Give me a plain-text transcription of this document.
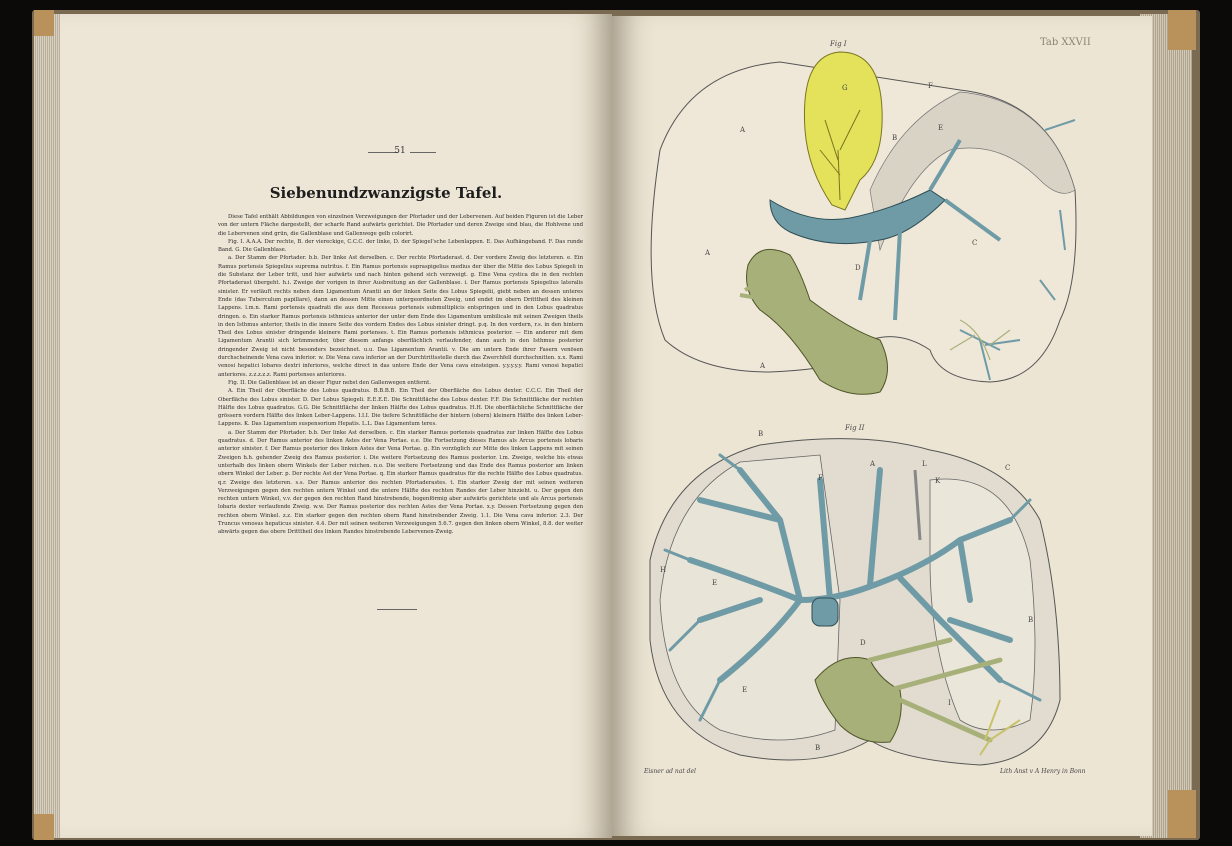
51
Siebenundzwanzigste Tafel.

Diese Tafel enthält Abbildungen von einzelnen Verzweigungen der Pfortader und der Lebervenen. Auf beiden Figuren ist die Leber von der untern Fläche dargestellt, der scharfe Rand aufwärts gerichtet. Die Pfortader und deren Zweige sind blau, die Hohlvene und die Lebervenen sind grün, die Gallenblase und Gallenwege gelb colorirt.

Fig. I. A.A.A. Der rechte, B. der viereckige, C.C.C. der linke, D. der Spiegel'sche Lebenlappen. E. Das Aufhängeband. F. Das runde Band. G. Die Gallenblase.

a. Der Stamm der Pfortader. b.b. Der linke Ast derselben. c. Der rechte Pfortaderast. d. Der vordere Zweig des letzteren. e. Ein Ramus portensis Spiegelius suprema nutritus. f. Ein Ramus portensis supraspigelius medius der über die Mitte des Lobus Spiegeli in die Substanz der Leber tritt, und hier aufwärts und nach hinten gehend sich verzweigt. g. Eine Vena cystica die in den rechten Pfortaderast übergeht. h.i. Zweige der vorigen in ihrer Ausbreitung an der Gallenblase. i. Der Ramus portensis Spiegelius lateralis sinister. Er verläuft rechts neben dem Ligamentum Arantii an der linken Seite des Lobus Spiegelii, giebt neben an dessen unteres Ende (das Tuberculum papillare), dann an dessen Mitte einen untergeordneten Zweig, und endet im obern Dritttheil des kleinen Lappens. l.m.n. Rami portensis quadrati die aus dem Recessus portensis submultiplicis entspringen und in den Lobus quadratus dringen. o. Ein starker Ramus portensis isthmicus anterior der unter dem Ende des Ligamentum umbilicale mit seinen Zweigen theils in den Isthmus anterior, theils in die innere Seite des vordern Endes des Lobus sinister dringt. p.q. In den vordern, r.s. in den hintern Theil des Lobus sinister dringende kleinere Rami portenses. t. Ein Ramus portensis isthmicus posterior. — Ein anderer mit dem Ligamentum Arantii sich krümmender, über diesem anfangs oberflächlich verlaufender, dann auch in den Isthmus posterior dringender Zweig ist nicht besonders bezeichnet. u.u. Das Ligamentum Arantii. v. Die am untern Ende ihrer Fasern venösen durchscheinende Vena cava inferior. w. Die Vena cava inferior an der Durchtrittsstelle durch das Zwerchfell durchschnitten. x.x. Rami venosi hepatici lobares dextri inferiores, welche direct in das untere Ende der Vena cava einsteigen. y.y.y.y.y. Rami venosi hepatici anteriores. z.z.z.z.z. Rami portenses anteriores.

Fig. II. Die Gallenblase ist an dieser Figur nebst den Gallenwegen entfernt.

A. Ein Theil der Oberfläche des Lobus quadratus. B.B.B.B. Ein Theil der Oberfläche des Lobus dexter. C.C.C. Ein Theil der Oberfläche des Lobus sinister. D. Der Lobus Spiegeli. E.E.E.E. Die Schnittfläche des Lobus dexter. F.F. Die Schnittfläche der rechten Hälfte des Lobus quadratus. G.G. Die Schnittfläche der linken Hälfte des Lobus quadratus. H.H. Die oberflächliche Schnittfläche der grössern vordern Hälfte des linken Leber-Lappens. I.I.I. Die tiefere Schnittfläche der hintern (obern) kleinern Hälfte des linken Leber-Lappens. K. Das Ligamentum suspensorium Hepatis. L.L. Das Ligamentum teres.

a. Der Stamm der Pfortader. b.b. Der linke Ast derselben. c. Ein starker Ramus portensis quadratus zur linken Hälfte des Lobus quadratus. d. Der Ramus anterior des linken Astes der Vena Portae. e.e. Die Fortsetzung dieses Ramus als Arcus portensis lobaris anterior sinister. f. Der Ramus posterior des linken Astes der Vena Portae. g. Ein vorzüglich zur Mitte des linken Lappens mit seinen Zweigen h.h. gehender Zweig des Ramus posterior. i. Die weitere Fortsetzung des Ramus posterior. l.m. Zweige, welche bis etwas unterhalb des linken obern Winkels der Leber reichen. n.o. Die weitere Fortsetzung und das Ende des Ramus posterior am linken obern Winkel der Leber. p. Der rechte Ast der Vena Portae. q. Ein starker Ramus quadratus für die rechte Hälfte des Lobus quadratus. q.r. Zweige des letzteren. s.s. Der Ramus anterior des rechten Pfortaderastes. t. Ein starker Zweig der mit seinen weiteren Verzweigungen gegen den rechten untern Winkel und die untere Hälfte des rechten Randes der Leber hinzieht. u. Der gegen den rechten untern Winkel, v.v. der gegen den rechten Rand hinstrebende, bogenförmig aber aufwärts gerichtete und als Arcus portensis lobaris dexter verlaufende Zweig. w.w. Der Ramus posterior des rechten Astes der Vena Portae. x.y. Dessen Fortsetzung gegen den rechten obern Winkel. z.z. Ein starker gegen den rechten obern Rand hinstrebender Zweig. 1.1. Die Vena cava inferior. 2.3. Der Truncus venosus hepaticus sinister. 4.4. Der mit seinen weiteren Verzweigungen 5.6.7. gegen den linken obern Winkel, 8.8. der weiter abwärts gegen das obere Dritttheil des linken Randes hinstrebende Lebervenen-Zweig.

Tab XXVII
Fig I
Fig II
Eisner ad nat del	Lith Anst v A Henry in Bonn
A
A
A
B
C
D
E
F
G
A
B
B
B
C
D
E
E
F
H
I
K
L
